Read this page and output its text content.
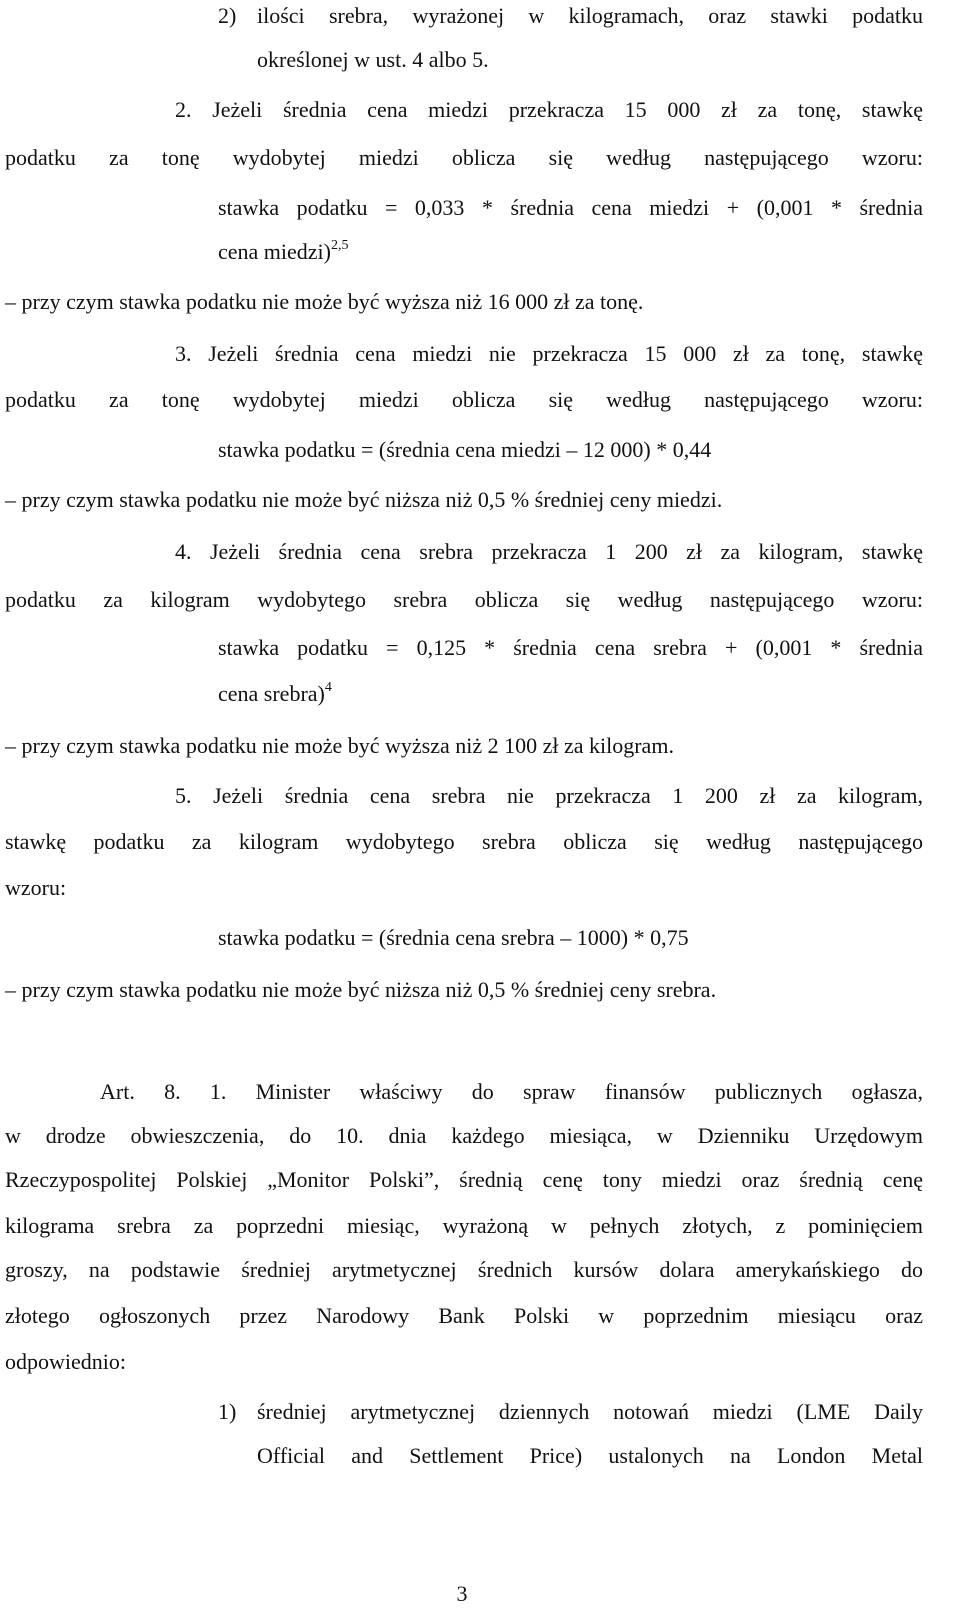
2) ilości srebra, wyrażonej w kilogramach, oraz stawki podatku
określonej w ust. 4 albo 5.
2. Jeżeli średnia cena miedzi przekracza 15 000 zł za tonę, stawkę
podatku za tonę wydobytej miedzi oblicza się według następującego wzoru:
stawka podatku = 0,033 * średnia cena miedzi + (0,001 * średnia
cena miedzi)$^{2,5}$
– przy czym stawka podatku nie może być wyższa niż 16 000 zł za tonę.
3. Jeżeli średnia cena miedzi nie przekracza 15 000 zł za tonę, stawkę
podatku za tonę wydobytej miedzi oblicza się według następującego wzoru:
stawka podatku = (średnia cena miedzi – 12 000) * 0,44
– przy czym stawka podatku nie może być niższa niż 0,5 % średniej ceny miedzi.
4. Jeżeli średnia cena srebra przekracza 1 200 zł za kilogram, stawkę
podatku za kilogram wydobytego srebra oblicza się według następującego wzoru:
stawka podatku = 0,125 * średnia cena srebra + (0,001 * średnia
cena srebra)$^4$
– przy czym stawka podatku nie może być wyższa niż 2 100 zł za kilogram.
5. Jeżeli średnia cena srebra nie przekracza 1 200 zł za kilogram,
stawkę podatku za kilogram wydobytego srebra oblicza się według następującego
wzoru:
stawka podatku = (średnia cena srebra – 1000) * 0,75
– przy czym stawka podatku nie może być niższa niż 0,5 % średniej ceny srebra.
Art. 8. 1. Minister właściwy do spraw finansów publicznych ogłasza,
w drodze obwieszczenia, do 10. dnia każdego miesiąca, w Dzienniku Urzędowym
Rzeczypospolitej Polskiej „Monitor Polski”, średnią cenę tony miedzi oraz średnią cenę
kilograma srebra za poprzedni miesiąc, wyrażoną w pełnych złotych, z pominięciem
groszy, na podstawie średniej arytmetycznej średnich kursów dolara amerykańskiego do
złotego ogłoszonych przez Narodowy Bank Polski w poprzednim miesiącu oraz
odpowiednio:
1) średniej arytmetycznej dziennych notowań miedzi (LME Daily
Official and Settlement Price) ustalonych na London Metal
3
